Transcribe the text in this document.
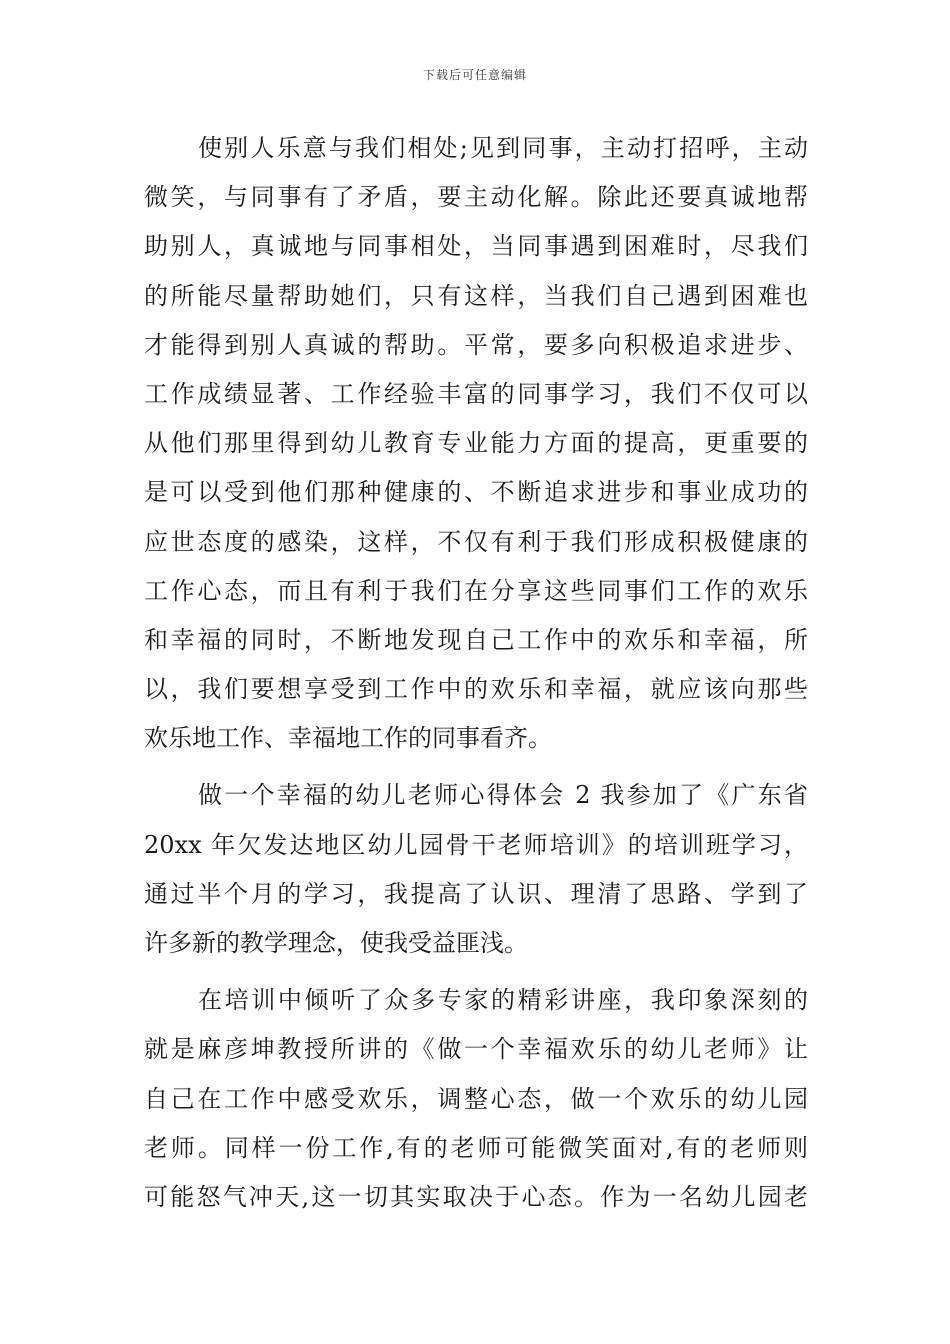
下载后可任意编辑
使别人乐意与我们相处;见到同事，主动打招呼，主动
微笑，与同事有了矛盾，要主动化解。除此还要真诚地帮
助别人，真诚地与同事相处，当同事遇到困难时，尽我们
的所能尽量帮助她们，只有这样，当我们自己遇到困难也
才能得到别人真诚的帮助。平常，要多向积极追求进步、
工作成绩显著、工作经验丰富的同事学习，我们不仅可以
从他们那里得到幼儿教育专业能力方面的提高，更重要的
是可以受到他们那种健康的、不断追求进步和事业成功的
应世态度的感染，这样，不仅有利于我们形成积极健康的
工作心态，而且有利于我们在分享这些同事们工作的欢乐
和幸福的同时，不断地发现自己工作中的欢乐和幸福，所
以，我们要想享受到工作中的欢乐和幸福，就应该向那些
欢乐地工作、幸福地工作的同事看齐。
做一个幸福的幼儿老师心得体会 2 我参加了《广东省
20xx 年欠发达地区幼儿园骨干老师培训》的培训班学习，
通过半个月的学习，我提高了认识、理清了思路、学到了
许多新的教学理念，使我受益匪浅。
在培训中倾听了众多专家的精彩讲座，我印象深刻的
就是麻彦坤教授所讲的《做一个幸福欢乐的幼儿老师》让
自己在工作中感受欢乐，调整心态，做一个欢乐的幼儿园
老师。同样一份工作,有的老师可能微笑面对,有的老师则
可能怒气冲天,这一切其实取决于心态。作为一名幼儿园老
